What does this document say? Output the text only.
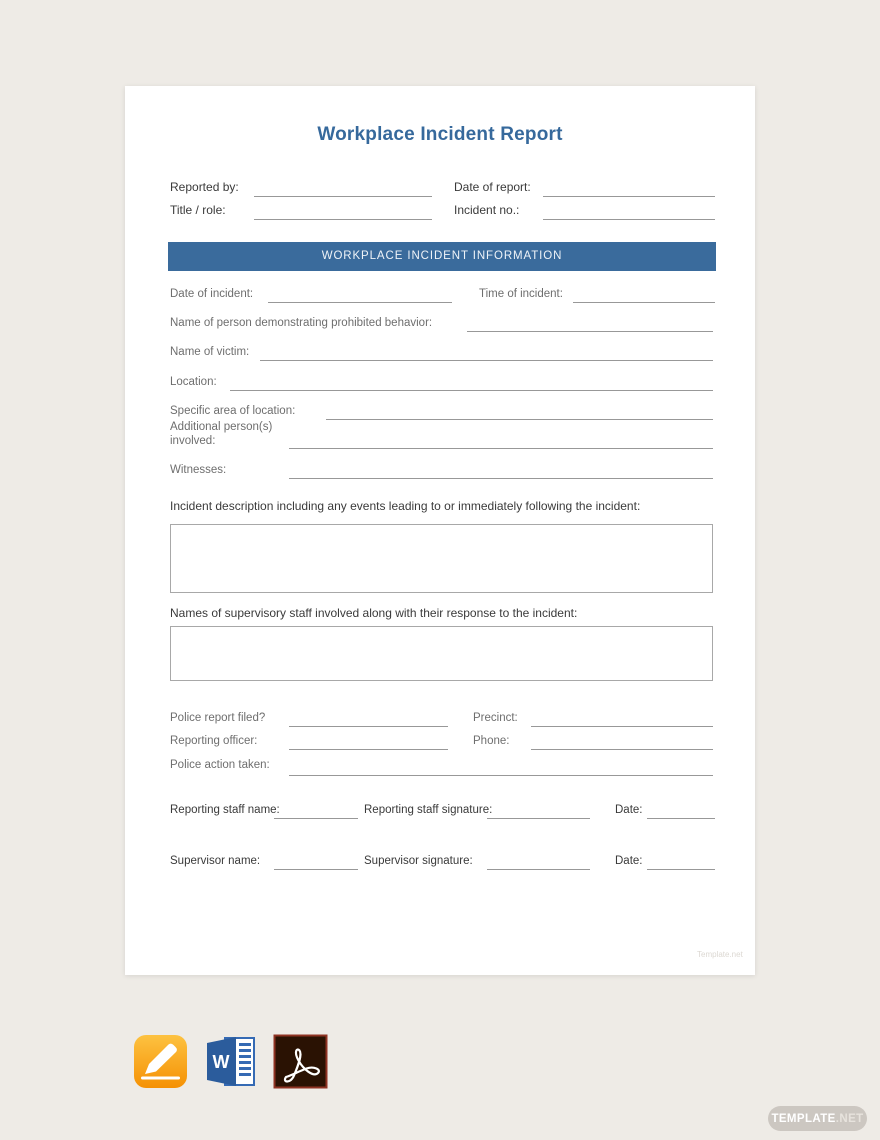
Workplace Incident Report
Reported by:	Date of report:
Title / role:	Incident no.:
WORKPLACE INCIDENT INFORMATION
Date of incident:	Time of incident:
Name of person demonstrating prohibited behavior:
Name of victim:
Location:
Specific area of location:
Additional person(s)
involved:
Witnesses:
Incident description including any events leading to or immediately following the incident:
Names of supervisory staff involved along with their response to the incident:
Police report filed?	Precinct:
Reporting officer:	Phone:
Police action taken:
Reporting staff name:	Reporting staff signature:	Date:
Supervisor name:	Supervisor signature:	Date:
Template.net
W
TEMPLATE .NET
